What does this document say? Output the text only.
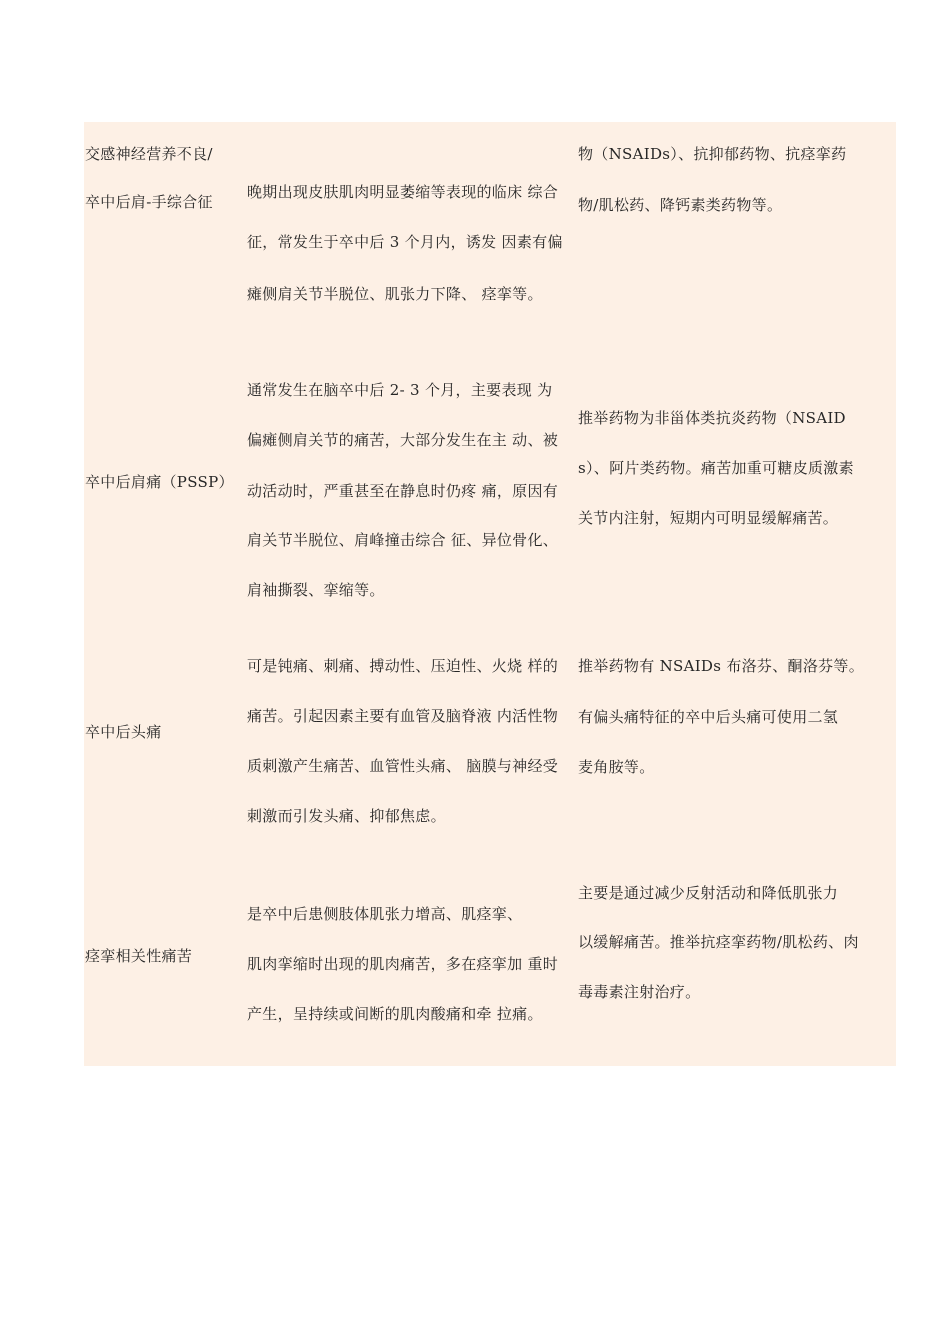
交感神经营养不良/
卒中后肩-手综合征
晚期出现皮肤肌肉明显萎缩等表现的临床 综合
征，常发生于卒中后 3 个月内，诱发 因素有偏
瘫侧肩关节半脱位、肌张力下降、 痉挛等。
物（NSAIDs）、抗抑郁药物、抗痉挛药
物/肌松药、降钙素类药物等。
卒中后肩痛（PSSP）
通常发生在脑卒中后 2- 3 个月，主要表现 为
偏瘫侧肩关节的痛苦，大部分发生在主 动、被
动活动时，严重甚至在静息时仍疼 痛，原因有
肩关节半脱位、肩峰撞击综合 征、异位骨化、
肩袖撕裂、挛缩等。
推举药物为非甾体类抗炎药物（NSAID
s）、阿片类药物。痛苦加重可糖皮质激素
关节内注射，短期内可明显缓解痛苦。
卒中后头痛
可是钝痛、刺痛、搏动性、压迫性、火烧 样的
痛苦。引起因素主要有血管及脑脊液 内活性物
质刺激产生痛苦、血管性头痛、 脑膜与神经受
刺激而引发头痛、抑郁焦虑。
推举药物有 NSAIDs 布洛芬、酮洛芬等。
有偏头痛特征的卒中后头痛可使用二氢
麦角胺等。
痉挛相关性痛苦
是卒中后患侧肢体肌张力增高、肌痉挛、
肌肉挛缩时出现的肌肉痛苦，多在痉挛加 重时
产生，呈持续或间断的肌肉酸痛和牵 拉痛。
主要是通过减少反射活动和降低肌张力
以缓解痛苦。推举抗痉挛药物/肌松药、肉
毒毒素注射治疗。
